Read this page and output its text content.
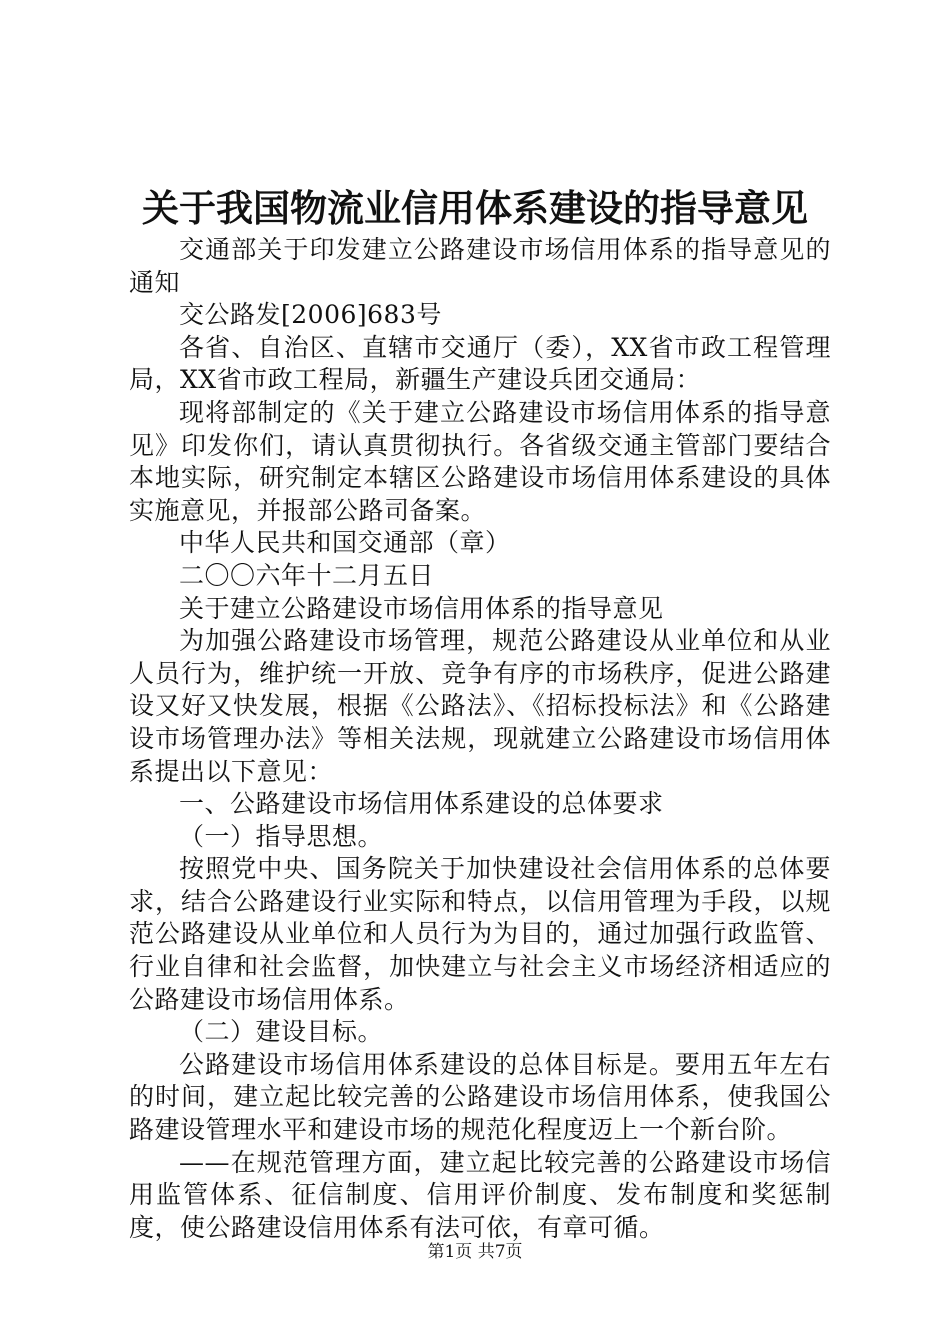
关于我国物流业信用体系建设的指导意见

交通部关于印发建立公路建设市场信用体系的指导意见的通知

交公路发[2006]683号

各省、自治区、直辖市交通厅（委），XX省市政工程管理局，XX省市政工程局，新疆生产建设兵团交通局：

现将部制定的《关于建立公路建设市场信用体系的指导意见》印发你们，请认真贯彻执行。各省级交通主管部门要结合本地实际，研究制定本辖区公路建设市场信用体系建设的具体实施意见，并报部公路司备案。

中华人民共和国交通部（章）

二〇〇六年十二月五日

关于建立公路建设市场信用体系的指导意见

为加强公路建设市场管理，规范公路建设从业单位和从业人员行为，维护统一开放、竞争有序的市场秩序，促进公路建设又好又快发展，根据《公路法》、《招标投标法》和《公路建设市场管理办法》等相关法规，现就建立公路建设市场信用体系提出以下意见：

一、公路建设市场信用体系建设的总体要求

（一）指导思想。

按照党中央、国务院关于加快建设社会信用体系的总体要求，结合公路建设行业实际和特点，以信用管理为手段，以规范公路建设从业单位和人员行为为目的，通过加强行政监管、行业自律和社会监督，加快建立与社会主义市场经济相适应的公路建设市场信用体系。

（二）建设目标。

公路建设市场信用体系建设的总体目标是。要用五年左右的时间，建立起比较完善的公路建设市场信用体系，使我国公路建设管理水平和建设市场的规范化程度迈上一个新台阶。

——在规范管理方面，建立起比较完善的公路建设市场信用监管体系、征信制度、信用评价制度、发布制度和奖惩制度，使公路建设信用体系有法可依，有章可循。

第1页 共7页
